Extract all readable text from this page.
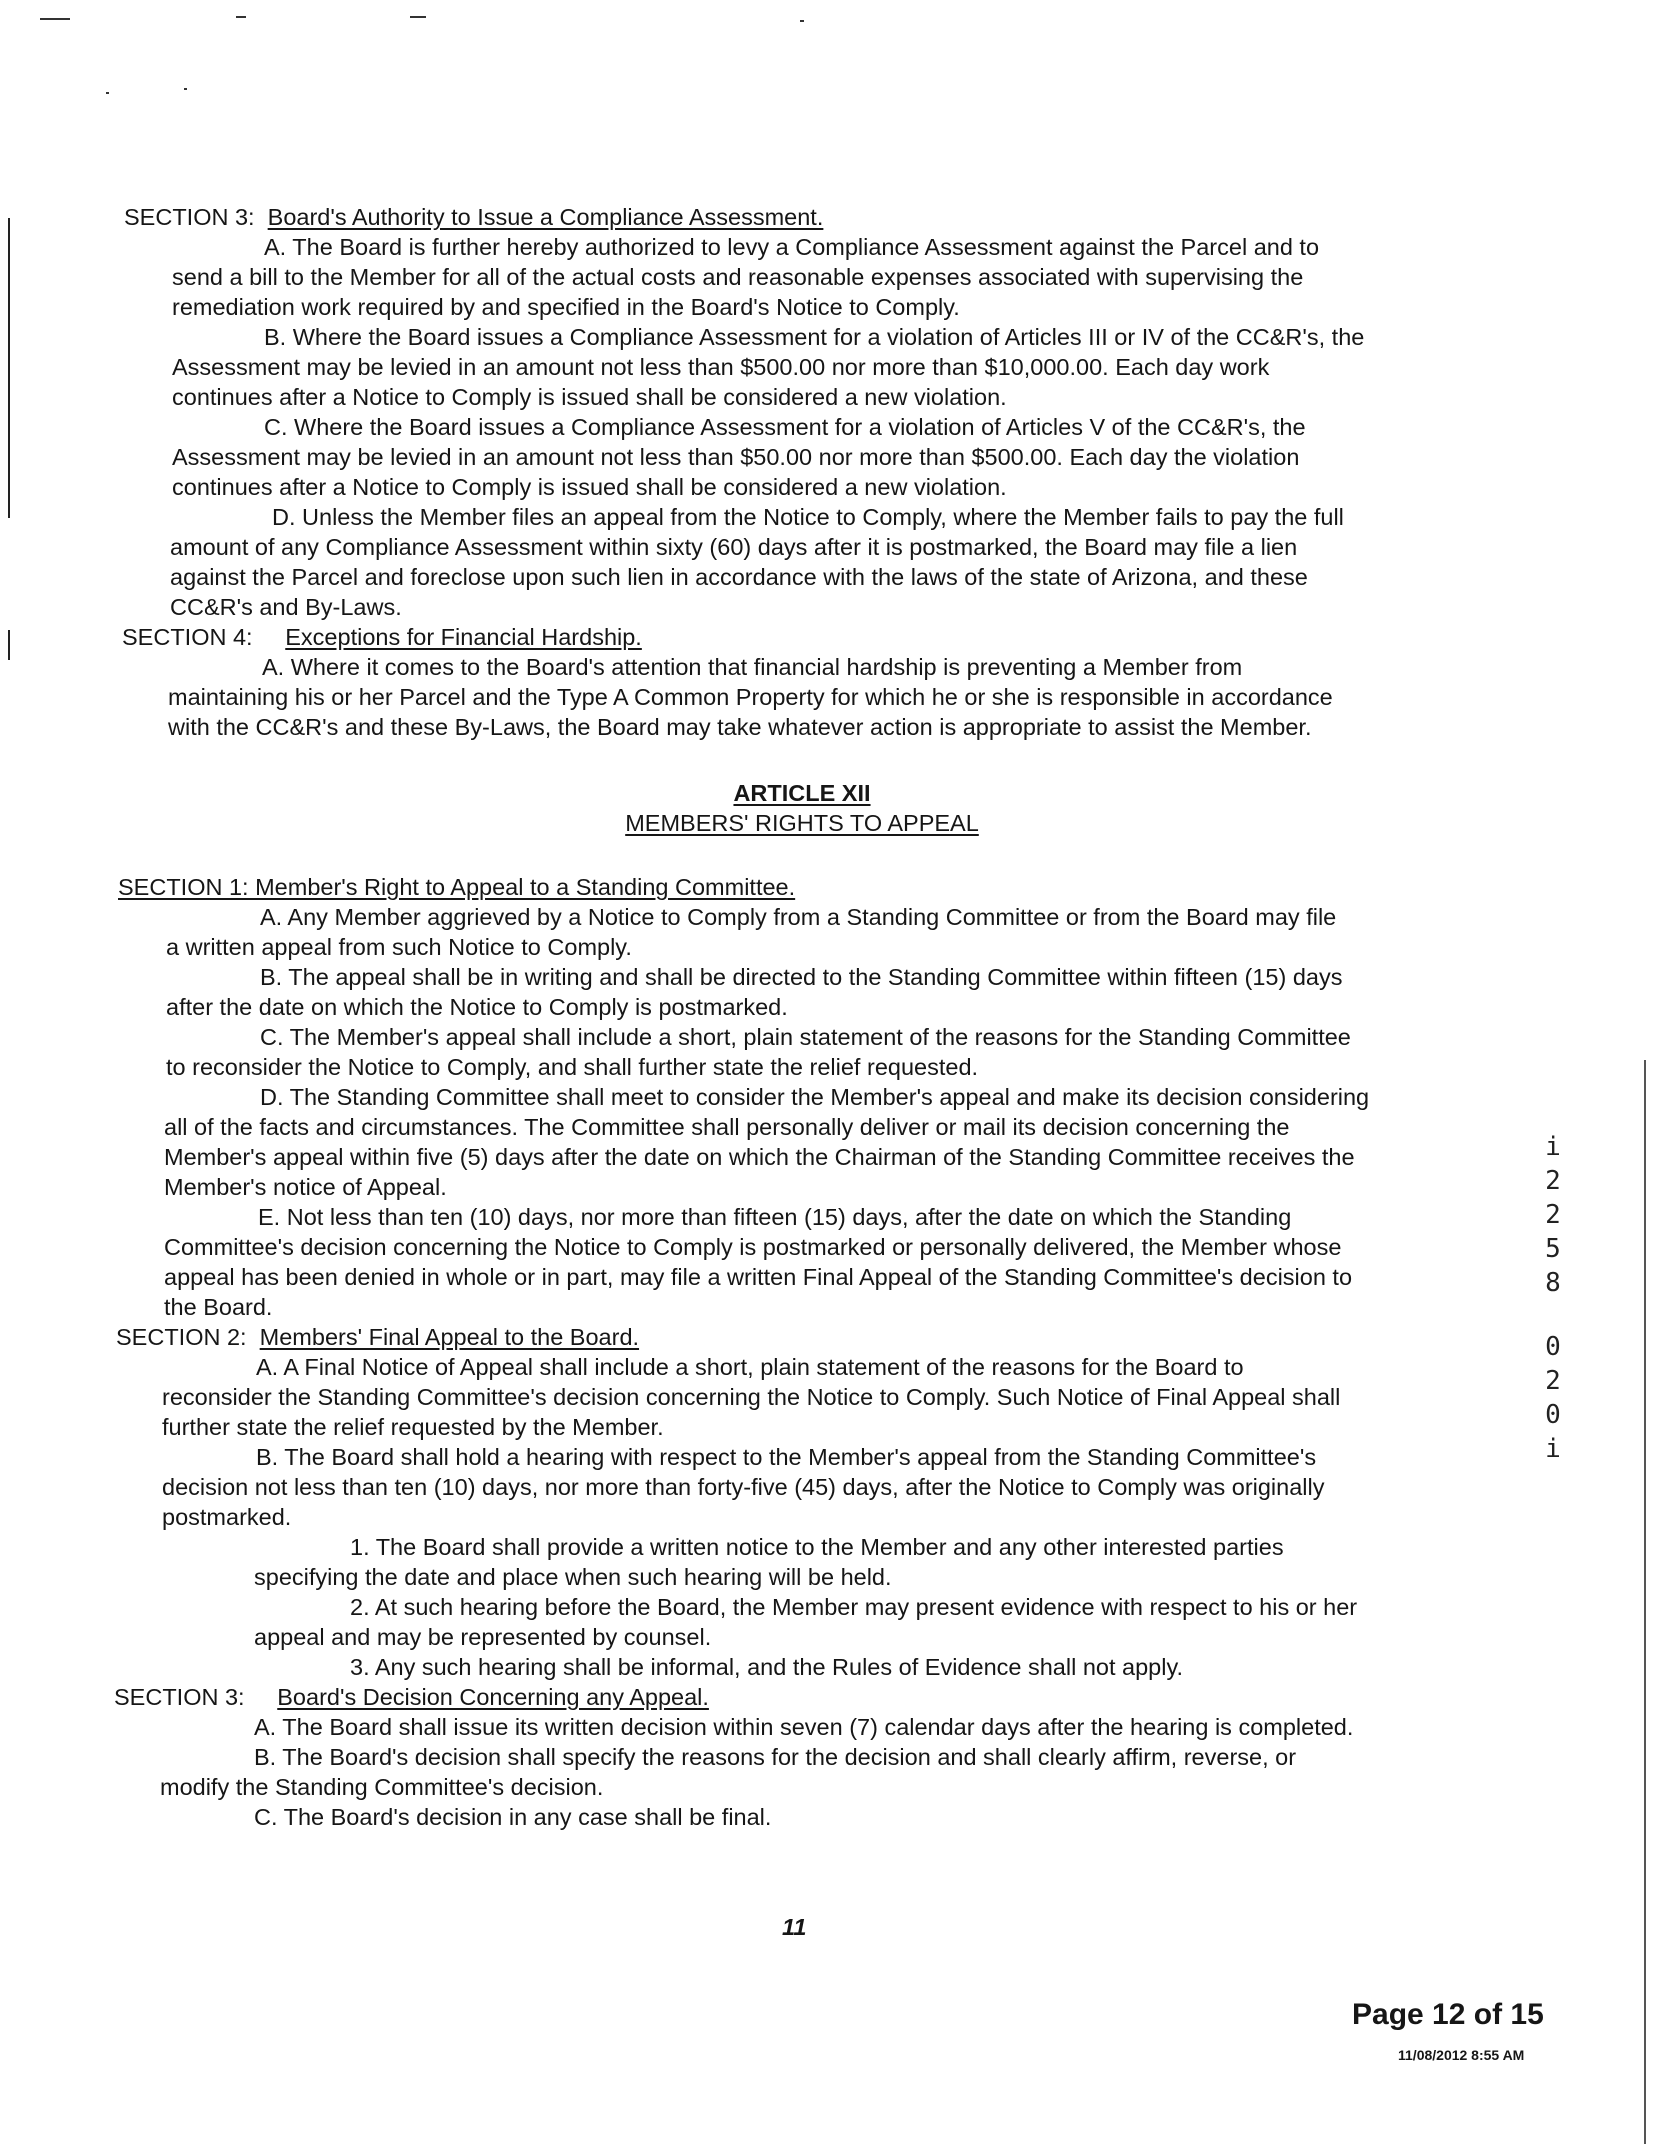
SECTION 3: Board's Authority to Issue a Compliance Assessment.
A. The Board is further hereby authorized to levy a Compliance Assessment against the Parcel and to
send a bill to the Member for all of the actual costs and reasonable expenses associated with supervising the
remediation work required by and specified in the Board's Notice to Comply.
B. Where the Board issues a Compliance Assessment for a violation of Articles III or IV of the CC&R's, the
Assessment may be levied in an amount not less than $500.00 nor more than $10,000.00. Each day work
continues after a Notice to Comply is issued shall be considered a new violation.
C. Where the Board issues a Compliance Assessment for a violation of Articles V of the CC&R's, the
Assessment may be levied in an amount not less than $50.00 nor more than $500.00. Each day the violation
continues after a Notice to Comply is issued shall be considered a new violation.
D. Unless the Member files an appeal from the Notice to Comply, where the Member fails to pay the full
amount of any Compliance Assessment within sixty (60) days after it is postmarked, the Board may file a lien
against the Parcel and foreclose upon such lien in accordance with the laws of the state of Arizona, and these
CC&R's and By-Laws.
SECTION 4: Exceptions for Financial Hardship.
A. Where it comes to the Board's attention that financial hardship is preventing a Member from
maintaining his or her Parcel and the Type A Common Property for which he or she is responsible in accordance
with the CC&R's and these By-Laws, the Board may take whatever action is appropriate to assist the Member.
ARTICLE XII
MEMBERS' RIGHTS TO APPEAL
SECTION 1: Member's Right to Appeal to a Standing Committee.
A. Any Member aggrieved by a Notice to Comply from a Standing Committee or from the Board may file
a written appeal from such Notice to Comply.
B. The appeal shall be in writing and shall be directed to the Standing Committee within fifteen (15) days
after the date on which the Notice to Comply is postmarked.
C. The Member's appeal shall include a short, plain statement of the reasons for the Standing Committee
to reconsider the Notice to Comply, and shall further state the relief requested.
D. The Standing Committee shall meet to consider the Member's appeal and make its decision considering
all of the facts and circumstances. The Committee shall personally deliver or mail its decision concerning the
Member's appeal within five (5) days after the date on which the Chairman of the Standing Committee receives the
Member's notice of Appeal.
E. Not less than ten (10) days, nor more than fifteen (15) days, after the date on which the Standing
Committee's decision concerning the Notice to Comply is postmarked or personally delivered, the Member whose
appeal has been denied in whole or in part, may file a written Final Appeal of the Standing Committee's decision to
the Board.
SECTION 2: Members' Final Appeal to the Board.
A. A Final Notice of Appeal shall include a short, plain statement of the reasons for the Board to
reconsider the Standing Committee's decision concerning the Notice to Comply. Such Notice of Final Appeal shall
further state the relief requested by the Member.
B. The Board shall hold a hearing with respect to the Member's appeal from the Standing Committee's
decision not less than ten (10) days, nor more than forty-five (45) days, after the Notice to Comply was originally
postmarked.
1. The Board shall provide a written notice to the Member and any other interested parties
specifying the date and place when such hearing will be held.
2. At such hearing before the Board, the Member may present evidence with respect to his or her
appeal and may be represented by counsel.
3. Any such hearing shall be informal, and the Rules of Evidence shall not apply.
SECTION 3: Board's Decision Concerning any Appeal.
A. The Board shall issue its written decision within seven (7) calendar days after the hearing is completed.
B. The Board's decision shall specify the reasons for the decision and shall clearly affirm, reverse, or
modify the Standing Committee's decision.
C. The Board's decision in any case shall be final.
11
i
2
2
5
8
0
2
0
i
Page 12 of 15
11/08/2012 8:55 AM
